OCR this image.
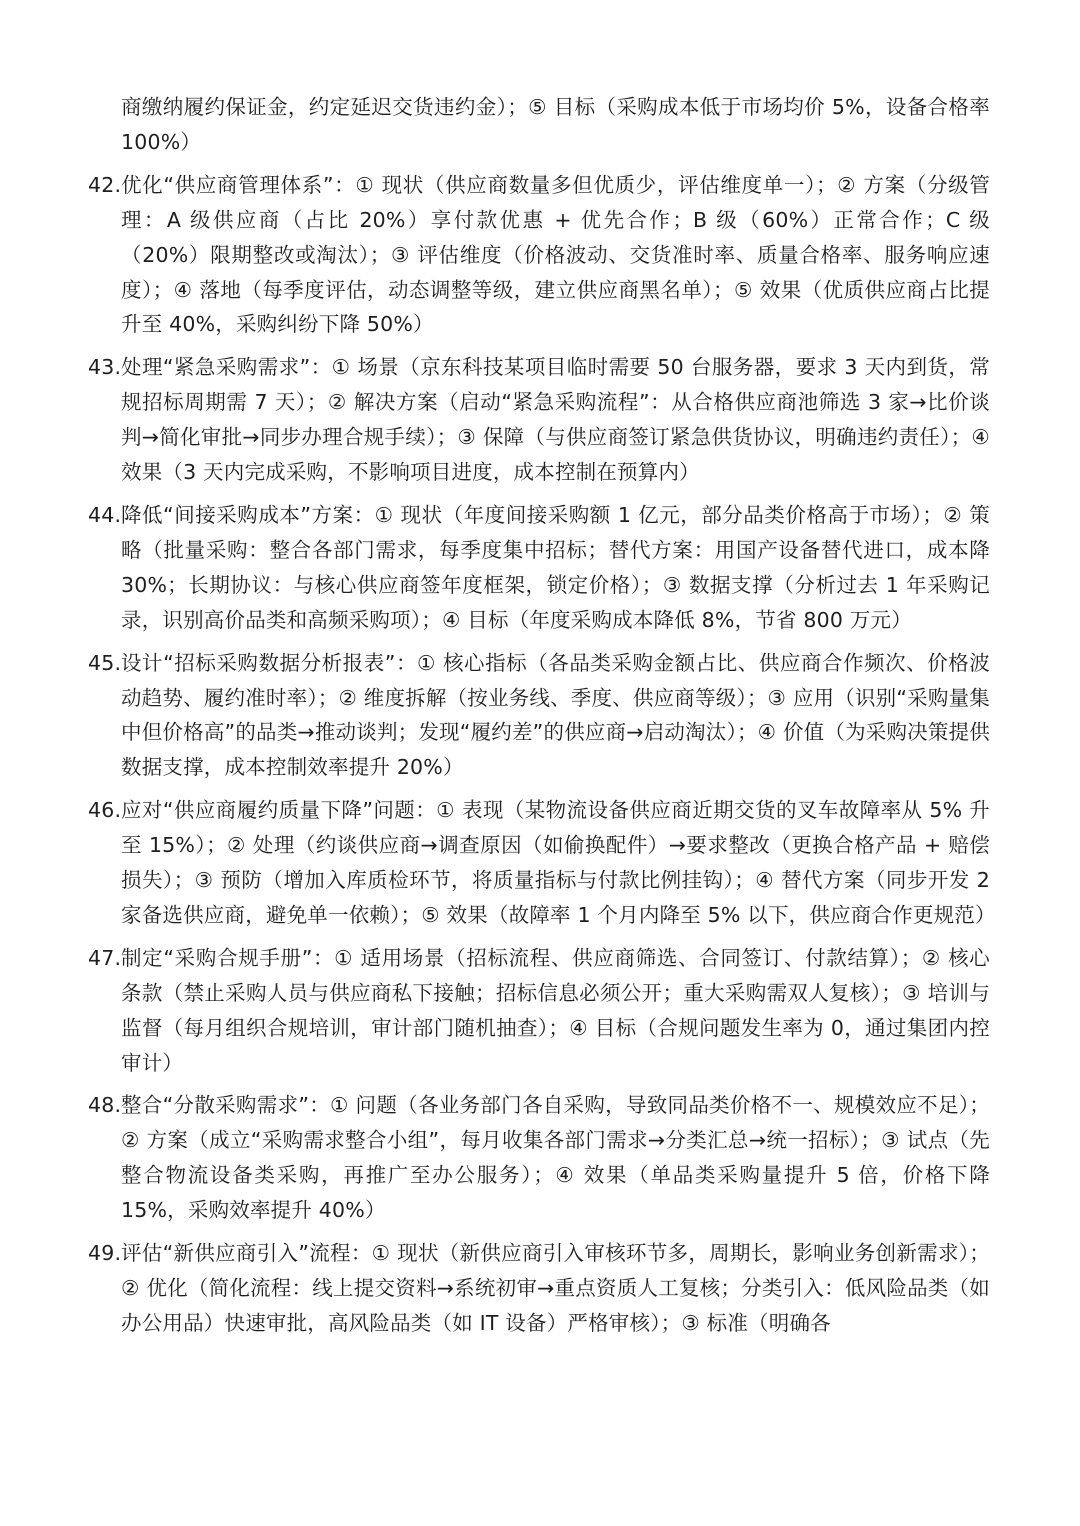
商缴纳履约保证金，约定延迟交货违约金）；⑤ 目标（采购成本低于市场均价 5%，设备合格率 100%）

42. 优化“供应商管理体系”：① 现状（供应商数量多但优质少，评估维度单一）；② 方案（分级管理：A 级供应商（占比 20%）享付款优惠 + 优先合作；B 级（60%）正常合作；C 级（20%）限期整改或淘汰）；③ 评估维度（价格波动、交货准时率、质量合格率、服务响应速度）；④ 落地（每季度评估，动态调整等级，建立供应商黑名单）；⑤ 效果（优质供应商占比提升至 40%，采购纠纷下降 50%）

43. 处理“紧急采购需求”：① 场景（京东科技某项目临时需要 50 台服务器，要求 3 天内到货，常规招标周期需 7 天）；② 解决方案（启动“紧急采购流程”：从合格供应商池筛选 3 家→比价谈判→简化审批→同步办理合规手续）；③ 保障（与供应商签订紧急供货协议，明确违约责任）；④ 效果（3 天内完成采购，不影响项目进度，成本控制在预算内）

44. 降低“间接采购成本”方案：① 现状（年度间接采购额 1 亿元，部分品类价格高于市场）；② 策略（批量采购：整合各部门需求，每季度集中招标；替代方案：用国产设备替代进口，成本降 30%；长期协议：与核心供应商签年度框架，锁定价格）；③ 数据支撑（分析过去 1 年采购记录，识别高价品类和高频采购项）；④ 目标（年度采购成本降低 8%，节省 800 万元）

45. 设计“招标采购数据分析报表”：① 核心指标（各品类采购金额占比、供应商合作频次、价格波动趋势、履约准时率）；② 维度拆解（按业务线、季度、供应商等级）；③ 应用（识别“采购量集中但价格高”的品类→推动谈判；发现“履约差”的供应商→启动淘汰）；④ 价值（为采购决策提供数据支撑，成本控制效率提升 20%）

46. 应对“供应商履约质量下降”问题：① 表现（某物流设备供应商近期交货的叉车故障率从 5% 升至 15%）；② 处理（约谈供应商→调查原因（如偷换配件）→要求整改（更换合格产品 + 赔偿损失）；③ 预防（增加入库质检环节，将质量指标与付款比例挂钩）；④ 替代方案（同步开发 2 家备选供应商，避免单一依赖）；⑤ 效果（故障率 1 个月内降至 5% 以下，供应商合作更规范）

47. 制定“采购合规手册”：① 适用场景（招标流程、供应商筛选、合同签订、付款结算）；② 核心条款（禁止采购人员与供应商私下接触；招标信息必须公开；重大采购需双人复核）；③ 培训与监督（每月组织合规培训，审计部门随机抽查）；④ 目标（合规问题发生率为 0，通过集团内控审计）

48. 整合“分散采购需求”：① 问题（各业务部门各自采购，导致同品类价格不一、规模效应不足）；② 方案（成立“采购需求整合小组”，每月收集各部门需求→分类汇总→统一招标）；③ 试点（先整合物流设备类采购，再推广至办公服务）；④ 效果（单品类采购量提升 5 倍，价格下降 15%，采购效率提升 40%）

49. 评估“新供应商引入”流程：① 现状（新供应商引入审核环节多，周期长，影响业务创新需求）；② 优化（简化流程：线上提交资料→系统初审→重点资质人工复核；分类引入：低风险品类（如办公用品）快速审批，高风险品类（如 IT 设备）严格审核）；③ 标准（明确各
